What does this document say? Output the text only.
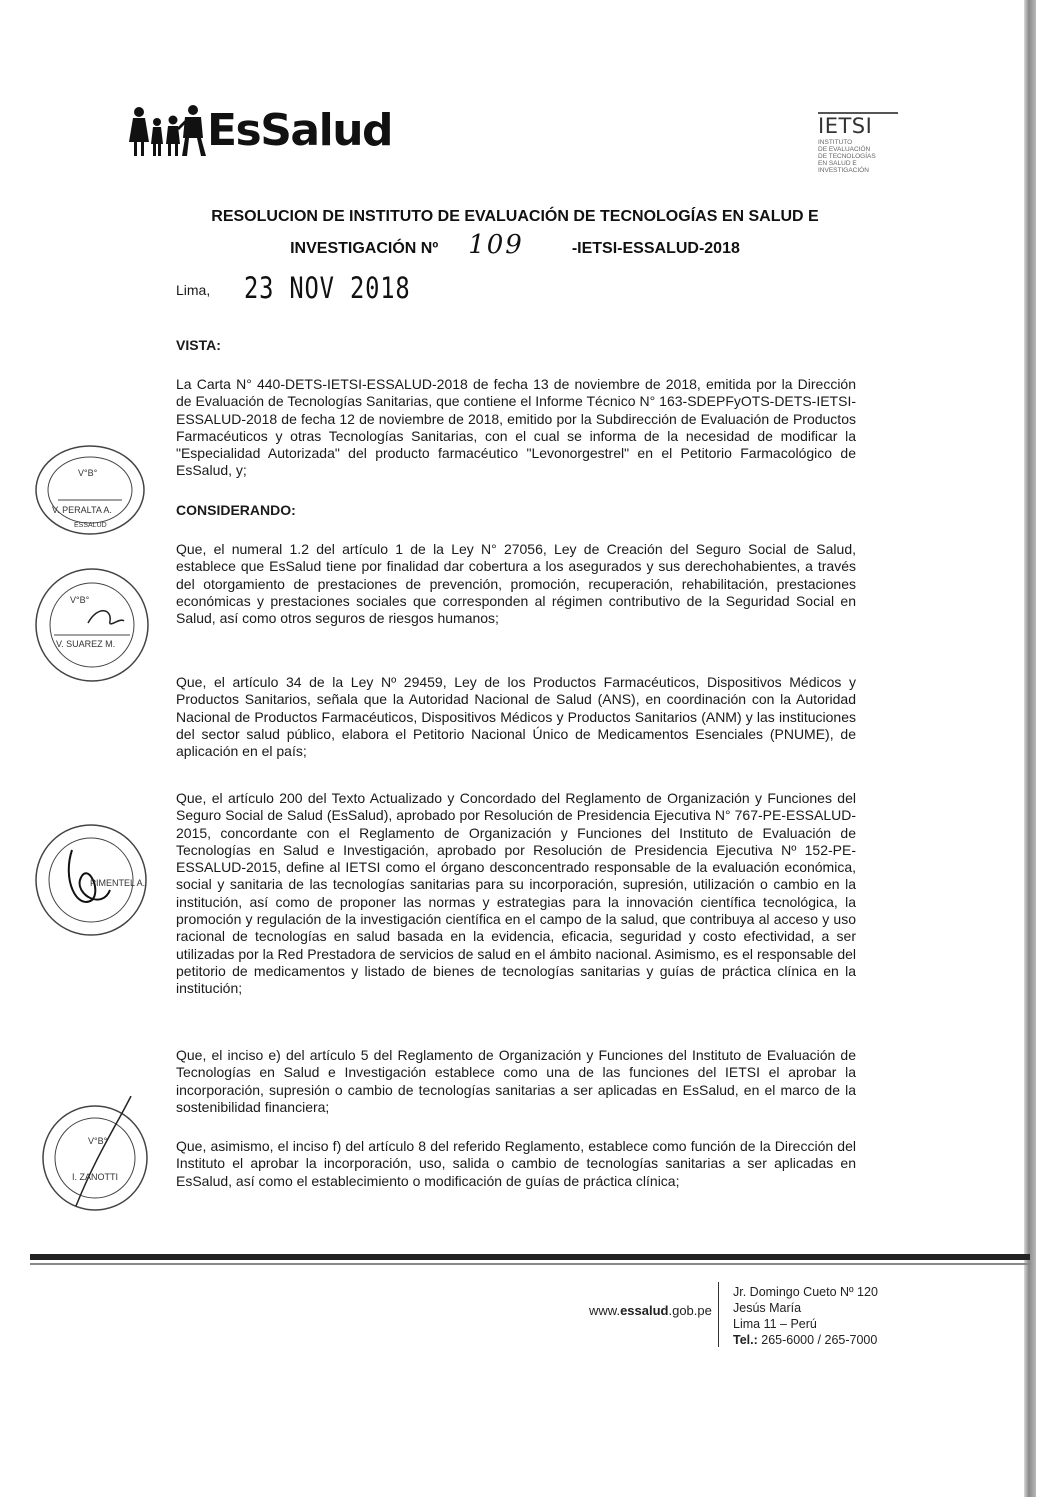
EsSalud	IETSI
INSTITUTO
DE EVALUACIÓN
DE TECNOLOGÍAS
EN SALUD E
INVESTIGACIÓN
RESOLUCION DE INSTITUTO DE EVALUACIÓN DE TECNOLOGÍAS EN SALUD E
INVESTIGACIÓN Nº 109	-IETSI-ESSALUD-2018
Lima, 23 NOV 2018
VISTA:
La Carta N° 440-DETS-IETSI-ESSALUD-2018 de fecha 13 de noviembre de 2018, emitida por la Dirección de Evaluación de Tecnologías Sanitarias, que contiene el Informe Técnico N° 163-SDEPFyOTS-DETS-IETSI-ESSALUD-2018 de fecha 12 de noviembre de 2018, emitido por la Subdirección de Evaluación de Productos Farmacéuticos y otras Tecnologías Sanitarias, con el cual se informa de la necesidad de modificar la "Especialidad Autorizada" del producto farmacéutico "Levonorgestrel" en el Petitorio Farmacológico de EsSalud, y;
CONSIDERANDO:
Que, el numeral 1.2 del artículo 1 de la Ley N° 27056, Ley de Creación del Seguro Social de Salud, establece que EsSalud tiene por finalidad dar cobertura a los asegurados y sus derechohabientes, a través del otorgamiento de prestaciones de prevención, promoción, recuperación, rehabilitación, prestaciones económicas y prestaciones sociales que corresponden al régimen contributivo de la Seguridad Social en Salud, así como otros seguros de riesgos humanos;
Que, el artículo 34 de la Ley Nº 29459, Ley de los Productos Farmacéuticos, Dispositivos Médicos y Productos Sanitarios, señala que la Autoridad Nacional de Salud (ANS), en coordinación con la Autoridad Nacional de Productos Farmacéuticos, Dispositivos Médicos y Productos Sanitarios (ANM) y las instituciones del sector salud público, elabora el Petitorio Nacional Único de Medicamentos Esenciales (PNUME), de aplicación en el país;
Que, el artículo 200 del Texto Actualizado y Concordado del Reglamento de Organización y Funciones del Seguro Social de Salud (EsSalud), aprobado por Resolución de Presidencia Ejecutiva N° 767-PE-ESSALUD-2015, concordante con el Reglamento de Organización y Funciones del Instituto de Evaluación de Tecnologías en Salud e Investigación, aprobado por Resolución de Presidencia Ejecutiva Nº 152-PE-ESSALUD-2015, define al IETSI como el órgano desconcentrado responsable de la evaluación económica, social y sanitaria de las tecnologías sanitarias para su incorporación, supresión, utilización o cambio en la institución, así como de proponer las normas y estrategias para la innovación científica tecnológica, la promoción y regulación de la investigación científica en el campo de la salud, que contribuya al acceso y uso racional de tecnologías en salud basada en la evidencia, eficacia, seguridad y costo efectividad, a ser utilizadas por la Red Prestadora de servicios de salud en el ámbito nacional. Asimismo, es el responsable del petitorio de medicamentos y listado de bienes de tecnologías sanitarias y guías de práctica clínica en la institución;
Que, el inciso e) del artículo 5 del Reglamento de Organización y Funciones del Instituto de Evaluación de Tecnologías en Salud e Investigación establece como una de las funciones del IETSI el aprobar la incorporación, supresión o cambio de tecnologías sanitarias a ser aplicadas en EsSalud, en el marco de la sostenibilidad financiera;
Que, asimismo, el inciso f) del artículo 8 del referido Reglamento, establece como función de la Dirección del Instituto el aprobar la incorporación, uso, salida o cambio de tecnologías sanitarias a ser aplicadas en EsSalud, así como el establecimiento o modificación de guías de práctica clínica;
V°B°
V. PERALTA A.
ESSALUD
V°B°
V. SUAREZ M.
PIMENTEL A.
V°B°
I. ZANOTTI
www.essalud.gob.pe
Jr. Domingo Cueto Nº 120
Jesús María
Lima 11 – Perú
Tel.: 265-6000 / 265-7000
